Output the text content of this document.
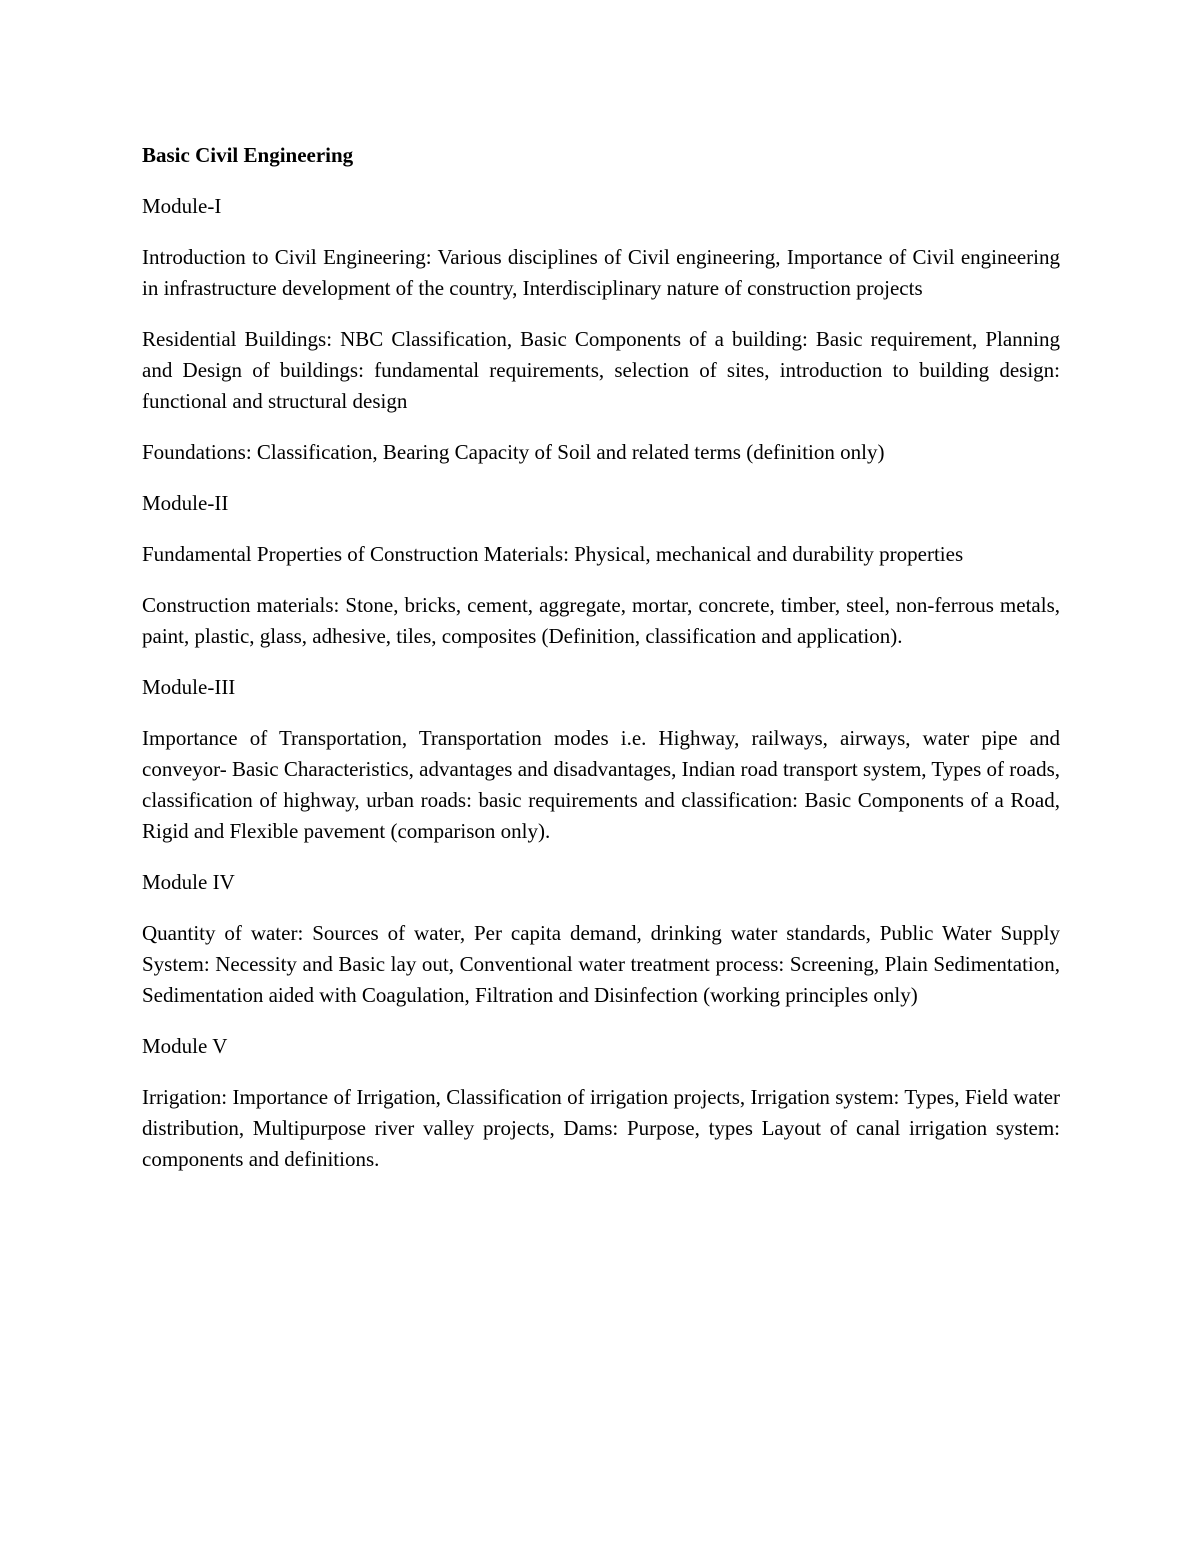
Basic Civil Engineering
Module-I
Introduction to Civil Engineering: Various disciplines of Civil engineering, Importance of Civil engineering in infrastructure development of the country, Interdisciplinary nature of construction projects
Residential Buildings: NBC Classification, Basic Components of a building: Basic requirement, Planning and Design of buildings: fundamental requirements, selection of sites, introduction to building design: functional and structural design
Foundations: Classification, Bearing Capacity of Soil and related terms (definition only)
Module-II
Fundamental Properties of Construction Materials: Physical, mechanical and durability properties
Construction materials: Stone, bricks, cement, aggregate, mortar, concrete, timber, steel, non-ferrous metals, paint, plastic, glass, adhesive, tiles, composites (Definition, classification and application).
Module-III
Importance of Transportation, Transportation modes i.e. Highway, railways, airways, water pipe and conveyor- Basic Characteristics, advantages and disadvantages, Indian road transport system, Types of roads, classification of highway, urban roads: basic requirements and classification: Basic Components of a Road, Rigid and Flexible pavement (comparison only).
Module IV
Quantity of water: Sources of water, Per capita demand, drinking water standards, Public Water Supply System: Necessity and Basic lay out, Conventional water treatment process: Screening, Plain Sedimentation, Sedimentation aided with Coagulation, Filtration and Disinfection (working principles only)
Module V
Irrigation: Importance of Irrigation, Classification of irrigation projects, Irrigation system: Types, Field water distribution, Multipurpose river valley projects, Dams: Purpose, types Layout of canal irrigation system: components and definitions.
